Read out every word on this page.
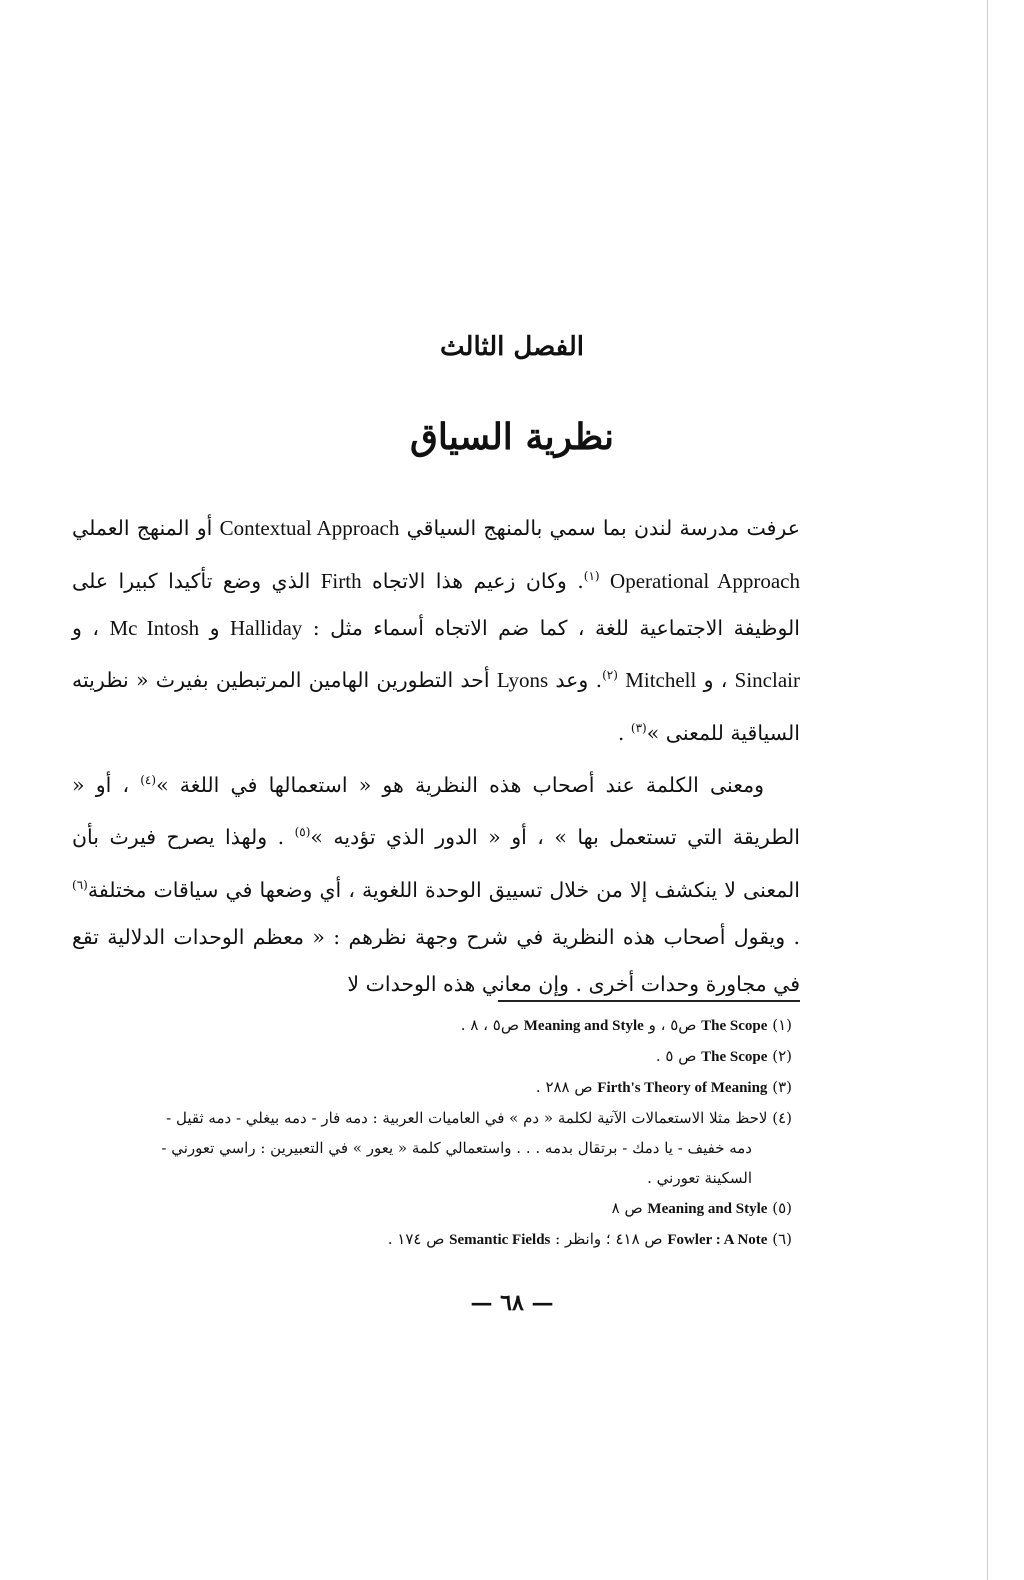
الفصل الثالث
نظرية السياق

عرفت مدرسة لندن بما سمي بالمنهج السياقي Contextual Approach أو المنهج العملي Operational Approach $^{(١)}$. وكان زعيم هذا الاتجاه Firth الذي وضع تأكيدا كبيرا على الوظيفة الاجتماعية للغة ، كما ضم الاتجاه أسماء مثل : Halliday و Mc Intosh ، و Sinclair ، و Mitchell $^{(٢)}$. وعد Lyons أحد التطورين الهامين المرتبطين بفيرث « نظريته السياقية للمعنى »$^{(٣)}$ .

ومعنى الكلمة عند أصحاب هذه النظرية هو « استعمالها في اللغة »$^{(٤)}$ ، أو « الطريقة التي تستعمل بها » ، أو « الدور الذي تؤديه »$^{(٥)}$ . ولهذا يصرح فيرث بأن المعنى لا ينكشف إلا من خلال تسييق الوحدة اللغوية ، أي وضعها في سياقات مختلفة$^{(٦)}$ . ويقول أصحاب هذه النظرية في شرح وجهة نظرهم : « معظم الوحدات الدلالية تقع في مجاورة وحدات أخرى . وإن معاني هذه الوحدات لا

(١) The Scope ص٥ ، و Meaning and Style ص٥ ، ٨ .
(٢) The Scope ص ٥ .
(٣) Firth's Theory of Meaning ص ٢٨٨ .
(٤) لاحظ مثلا الاستعمالات الآتية لكلمة « دم » في العاميات العربية : دمه فار - دمه بيغلي - دمه ثقيل -
دمه خفيف - يا دمك - برتقال بدمه . . . واستعمالي كلمة « يعور » في التعبيرين : راسي تعورني -
السكينة تعورني .
(٥) Meaning and Style ص ٨
(٦) Fowler : A Note ص ٤١٨ ؛ وانظر : Semantic Fields ص ١٧٤ .
— ٦٨ —
